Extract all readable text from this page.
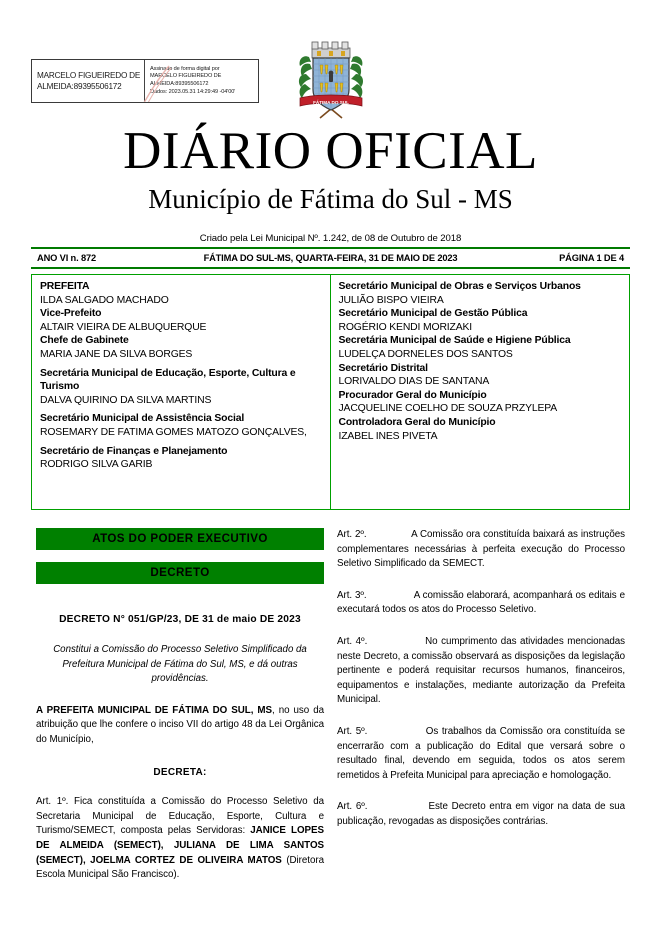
MARCELO FIGUEIREDO DE
ALMEIDA:89395506172
Assinado de forma digital por
MARCELO FIGUEIREDO DE
ALMEIDA:89395506172
Dados: 2023.05.31 14:29:49 -04'00'
FÁTIMA DO SUL
DIÁRIO OFICIAL
Município de Fátima do Sul - MS

Criado pela Lei Municipal Nº. 1.242, de 08 de Outubro de 2018

ANO VI n. 872	FÁTIMA DO SUL-MS, QUARTA-FEIRA, 31 DE MAIO DE 2023	PÁGINA 1 DE 4

PREFEITA

ILDA SALGADO MACHADO

Vice-Prefeito

ALTAIR VIEIRA DE ALBUQUERQUE

Chefe de Gabinete

MARIA JANE DA SILVA BORGES

Secretária Municipal de Educação, Esporte, Cultura e Turismo

DALVA QUIRINO DA SILVA MARTINS

Secretário Municipal de Assistência Social

ROSEMARY DE FATIMA GOMES MATOZO GONÇALVES,

Secretário de Finanças e Planejamento

RODRIGO SILVA GARIB

Secretário Municipal de Obras e Serviços Urbanos

JULIÃO BISPO VIEIRA

Secretário Municipal de Gestão Pública

ROGÉRIO KENDI MORIZAKI

Secretária Municipal de Saúde e Higiene Pública

LUDELÇA DORNELES DOS SANTOS

Secretário Distrital

LORIVALDO DIAS DE SANTANA

Procurador Geral do Município

JACQUELINE COELHO DE SOUZA PRZYLEPA

Controladora Geral do Município

IZABEL INES PIVETA

ATOS DO PODER EXECUTIVO
DECRETO

DECRETO N° 051/GP/23, DE 31 de maio DE 2023

Constitui a Comissão do Processo Seletivo Simplificado da Prefeitura Municipal de Fátima do Sul, MS, e dá outras providências.

A PREFEITA MUNICIPAL DE FÁTIMA DO SUL, MS, no uso da atribuição que lhe confere o inciso VII do artigo 48 da Lei Orgânica do Município,

DECRETA:

Art. 1º. Fica constituída a Comissão do Processo Seletivo da Secretaria Municipal de Educação, Esporte, Cultura e Turismo/SEMECT, composta pelas Servidoras: JANICE LOPES DE ALMEIDA (SEMECT), JULIANA DE LIMA SANTOS (SEMECT), JOELMA CORTEZ DE OLIVEIRA MATOS (Diretora Escola Municipal São Francisco).

Art. 2º.	A Comissão ora constituída baixará as instruções complementares necessárias à perfeita execução do Processo Seletivo Simplificado da SEMECT.

Art. 3º.	A comissão elaborará, acompanhará os editais e executará todos os atos do Processo Seletivo.

Art. 4º.	No cumprimento das atividades mencionadas neste Decreto, a comissão observará as disposições da legislação pertinente e poderá requisitar recursos humanos, financeiros, equipamentos e instalações, mediante autorização da Prefeita Municipal.

Art. 5º.	Os trabalhos da Comissão ora constituída se encerrarão com a publicação do Edital que versará sobre o resultado final, devendo em seguida, todos os atos serem remetidos à Prefeita Municipal para apreciação e homologação.

Art. 6º.	Este Decreto entra em vigor na data de sua publicação, revogadas as disposições contrárias.
